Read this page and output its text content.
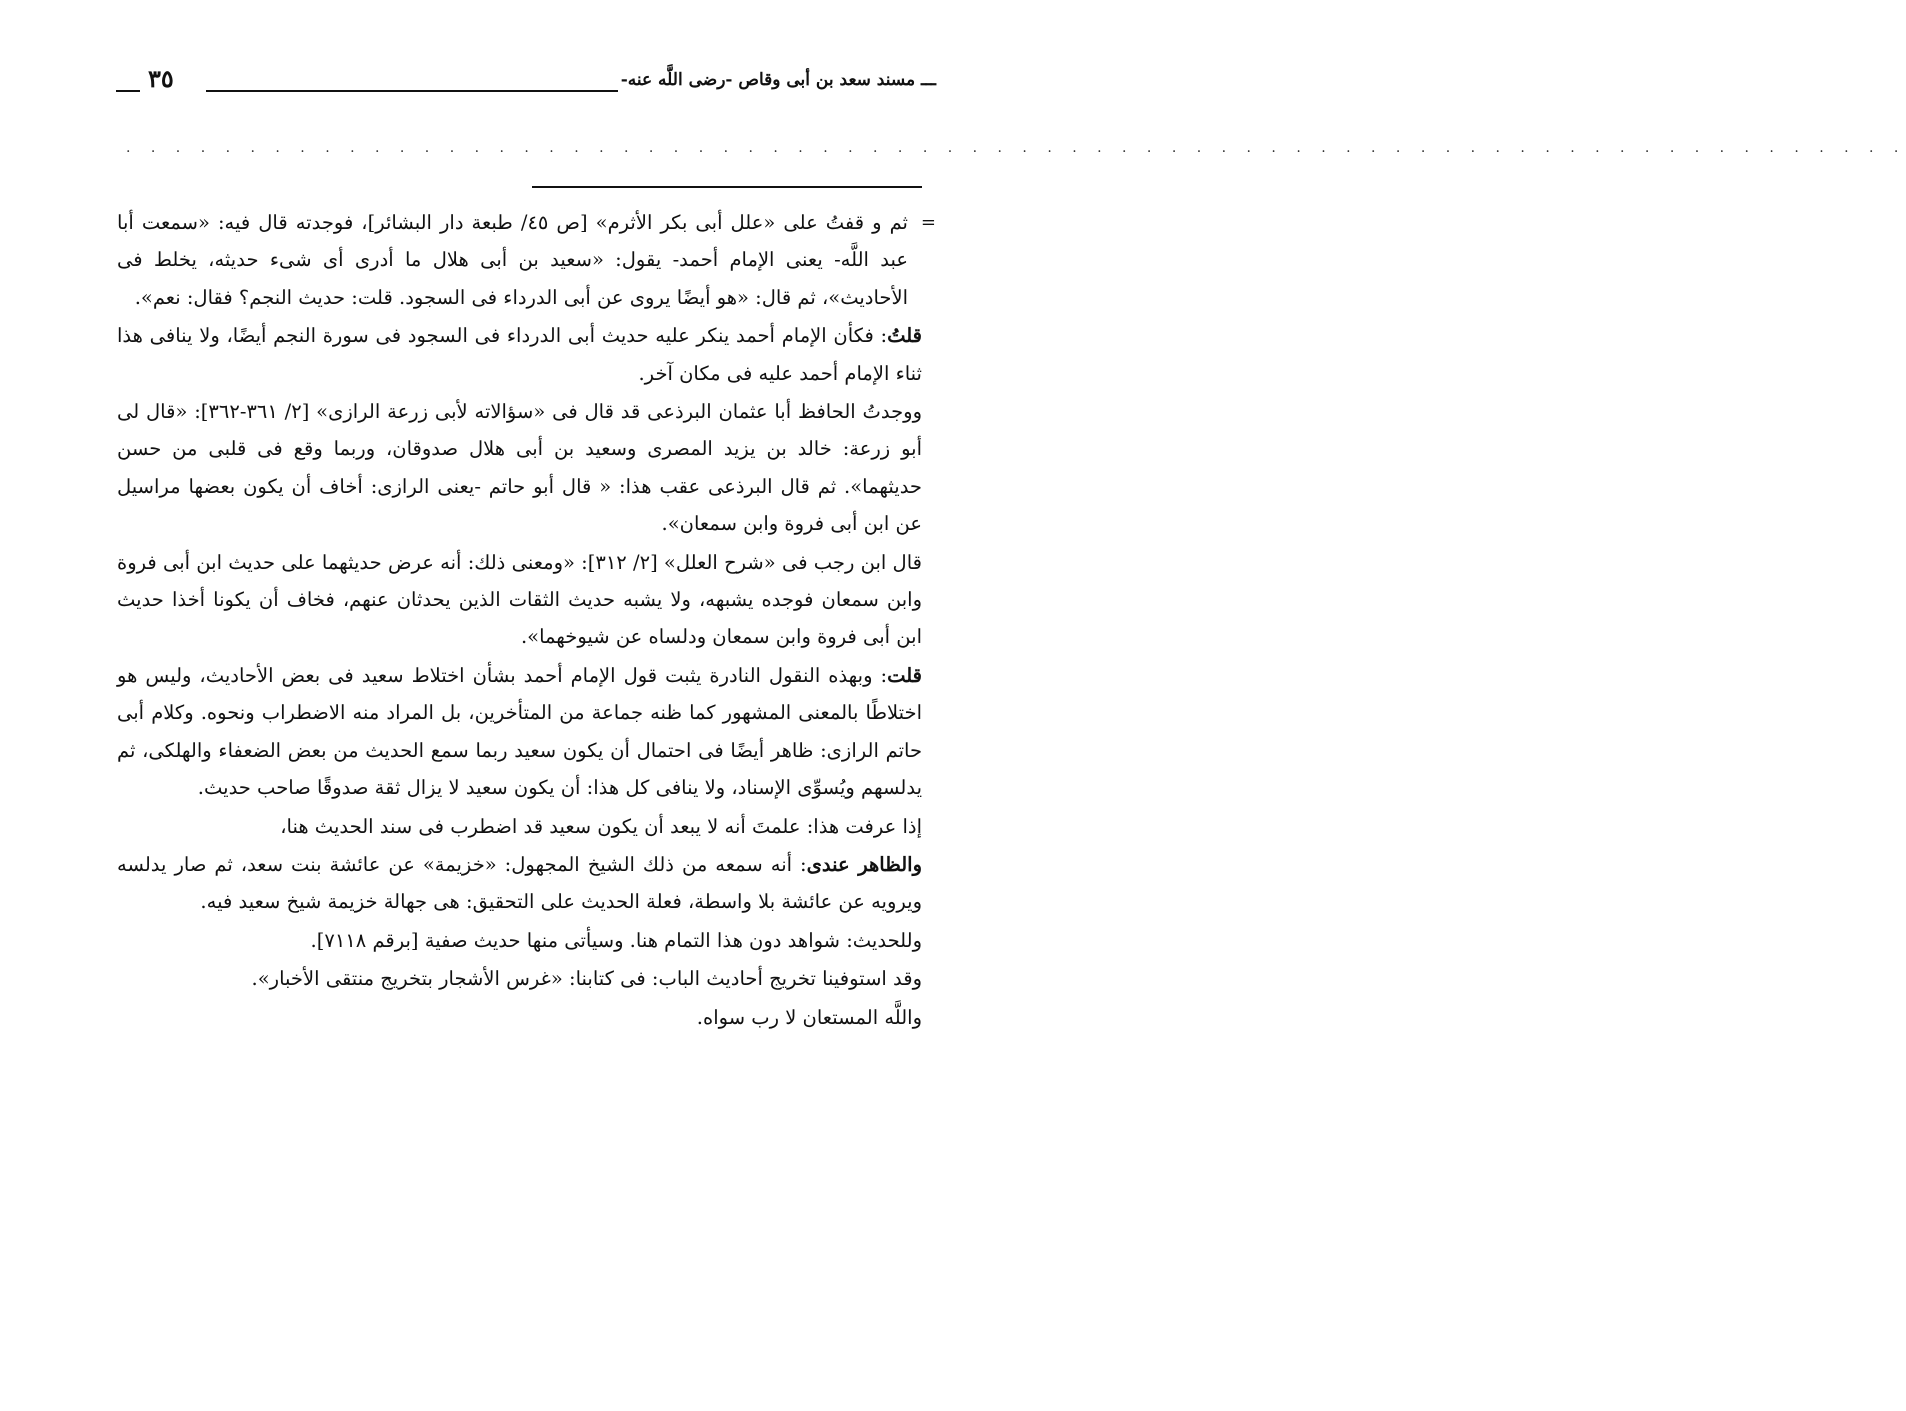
ـــ مسند سعد بن أبى وقاص -رضى اللَّه عنه-
٣٥
. . . . . . . . . . . . . . . . . . . . . . . . . . . . . . . . . . . . . . . . . . . . . . . . . . . . . . . . . . . . . . . . . . . . . . . .

=
ثم و قفتُ على «علل أبى بكر الأثرم» [ص ٤٥/ طبعة دار البشائر]، فوجدته قال فيه: «سمعت أبا عبد اللَّه- يعنى الإمام أحمد- يقول: «سعيد بن أبى هلال ما أدرى أى شىء حديثه، يخلط فى الأحاديث»، ثم قال: «هو أيضًا يروى عن أبى الدرداء فى السجود. قلت: حديث النجم؟ فقال: نعم».

قلتُ: فكأن الإمام أحمد ينكر عليه حديث أبى الدرداء فى السجود فى سورة النجم أيضًا، ولا ينافى هذا ثناء الإمام أحمد عليه فى مكان آخر.

ووجدتُ الحافظ أبا عثمان البرذعى قد قال فى «سؤالاته لأبى زرعة الرازى» [٢/ ٣٦١-٣٦٢]: «قال لى أبو زرعة: خالد بن يزيد المصرى وسعيد بن أبى هلال صدوقان، وربما وقع فى قلبى من حسن حديثهما». ثم قال البرذعى عقب هذا: « قال أبو حاتم -يعنى الرازى: أخاف أن يكون بعضها مراسيل عن ابن أبى فروة وابن سمعان».

قال ابن رجب فى «شرح العلل» [٢/ ٣١٢]: «ومعنى ذلك: أنه عرض حديثهما على حديث ابن أبى فروة وابن سمعان فوجده يشبهه، ولا يشبه حديث الثقات الذين يحدثان عنهم، فخاف أن يكونا أخذا حديث ابن أبى فروة وابن سمعان ودلساه عن شيوخهما».

قلت: وبهذه النقول النادرة يثبت قول الإمام أحمد بشأن اختلاط سعيد فى بعض الأحاديث، وليس هو اختلاطًا بالمعنى المشهور كما ظنه جماعة من المتأخرين، بل المراد منه الاضطراب ونحوه. وكلام أبى حاتم الرازى: ظاهر أيضًا فى احتمال أن يكون سعيد ربما سمع الحديث من بعض الضعفاء والهلكى، ثم يدلسهم ويُسوِّى الإسناد، ولا ينافى كل هذا: أن يكون سعيد لا يزال ثقة صدوقًا صاحب حديث.

إذا عرفت هذا: علمتَ أنه لا يبعد أن يكون سعيد قد اضطرب فى سند الحديث هنا،

والظاهر عندى: أنه سمعه من ذلك الشيخ المجهول: «خزيمة» عن عائشة بنت سعد، ثم صار يدلسه ويرويه عن عائشة بلا واسطة، فعلة الحديث على التحقيق: هى جهالة خزيمة شيخ سعيد فيه.

وللحديث: شواهد دون هذا التمام هنا. وسيأتى منها حديث صفية [برقم ٧١١٨].

وقد استوفينا تخريج أحاديث الباب: فى كتابنا: «غرس الأشجار بتخريج منتقى الأخبار».

واللَّه المستعان لا رب سواه.
